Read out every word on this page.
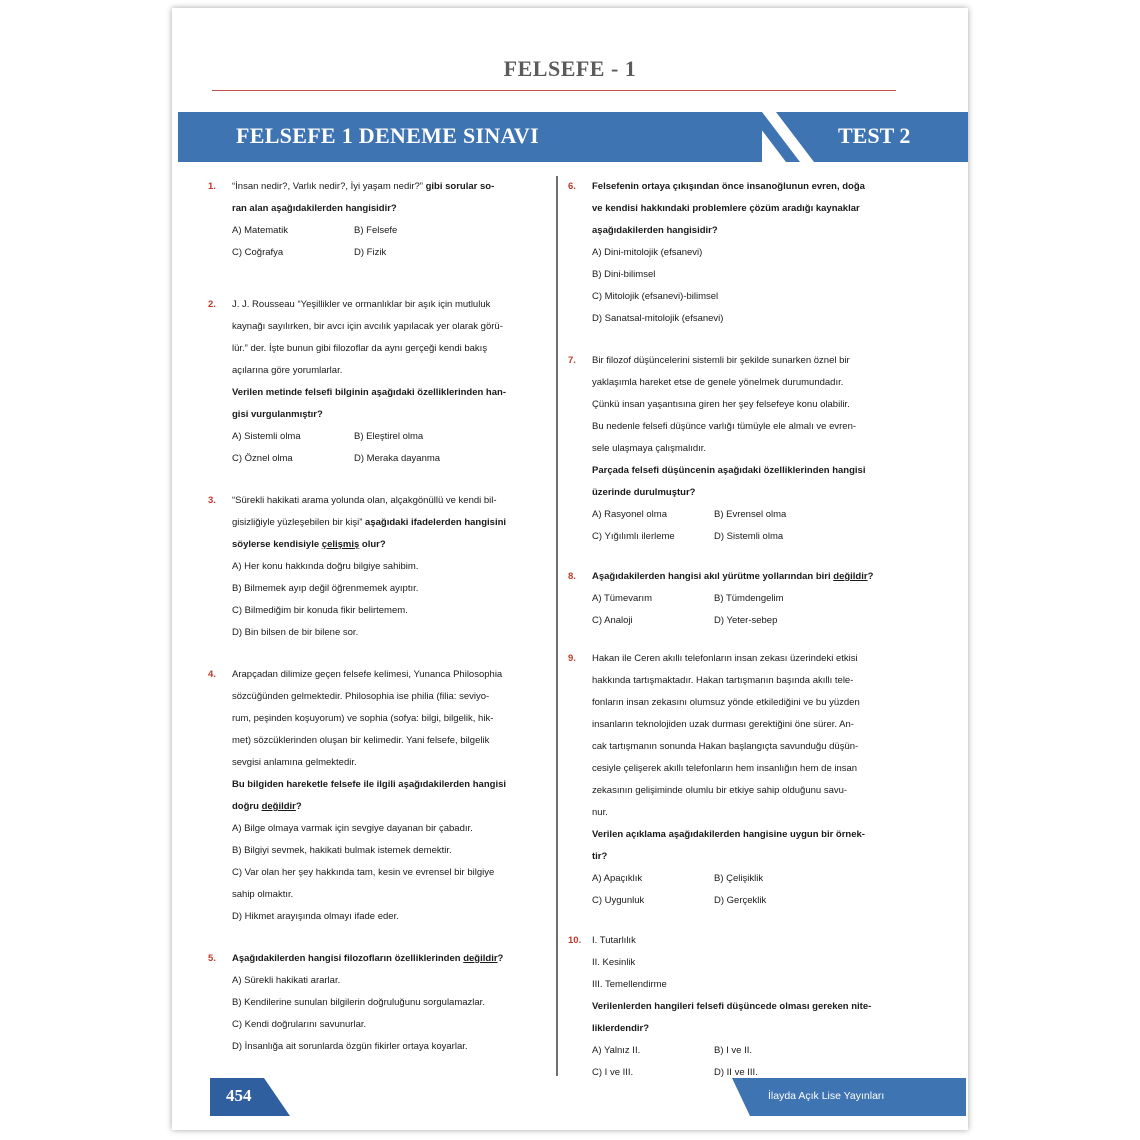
FELSEFE - 1
FELSEFE 1 DENEME SINAVI	TEST 2
1. “İnsan nedir?, Varlık nedir?, İyi yaşam nedir?” gibi sorular so-
ran alan aşağıdakilerden hangisidir?
A) Matematik	B) Felsefe
C) Coğrafya	D) Fizik
2. J. J. Rousseau “Yeşillikler ve ormanlıklar bir aşık için mutluluk
kaynağı sayılırken, bir avcı için avcılık yapılacak yer olarak görü-
lür.” der. İşte bunun gibi filozoflar da aynı gerçeği kendi bakış
açılarına göre yorumlarlar.
Verilen metinde felsefi bilginin aşağıdaki özelliklerinden han-
gisi vurgulanmıştır?
A) Sistemli olma	B) Eleştirel olma
C) Öznel olma	D) Merakа dayanma
3. “Sürekli hakikati arama yolunda olan, alçakgönüllü ve kendi bil-
gisizliğiyle yüzleşebilen bir kişi” aşağıdaki ifadelerden hangisini
söylerse kendisiyle çelişmiş olur?
A) Her konu hakkında doğru bilgiye sahibim.
B) Bilmemek ayıp değil öğrenmemek ayıptır.
C) Bilmediğim bir konuda fikir belirtemem.
D) Bin bilsen de bir bilene sor.
4. Arapçadan dilimize geçen felsefe kelimesi, Yunanca Philosophia
sözcüğünden gelmektedir. Philosophia ise philia (filia: seviyo-
rum, peşinden koşuyorum) ve sophia (sofya: bilgi, bilgelik, hik-
met) sözcüklerinden oluşan bir kelimedir. Yani felsefe, bilgelik
sevgisi anlamına gelmektedir.
Bu bilgiden hareketle felsefe ile ilgili aşağıdakilerden hangisi
doğru değildir?
A) Bilge olmaya varmak için sevgiye dayanan bir çabadır.
B) Bilgiyi sevmek, hakikati bulmak istemek demektir.
C) Var olan her şey hakkında tam, kesin ve evrensel bir bilgiye
sahip olmaktır.
D) Hikmet arayışında olmayı ifade eder.
5. Aşağıdakilerden hangisi filozofların özelliklerinden değildir?
A) Sürekli hakikati ararlar.
B) Kendilerine sunulan bilgilerin doğruluğunu sorgulamazlar.
C) Kendi doğrularını savunurlar.
D) İnsanlığa ait sorunlarda özgün fikirler ortaya koyarlar.
6. Felsefenin ortaya çıkışından önce insanoğlunun evren, doğa
ve kendisi hakkındaki problemlere çözüm aradığı kaynaklar
aşağıdakilerden hangisidir?
A) Dini-mitolojik (efsanevi)
B) Dini-bilimsel
C) Mitolojik (efsanevi)-bilimsel
D) Sanatsal-mitolojik (efsanevi)
7. Bir filozof düşüncelerini sistemli bir şekilde sunarken öznel bir
yaklaşımla hareket etse de genele yönelmek durumundadır.
Çünkü insan yaşantısına giren her şey felsefeye konu olabilir.
Bu nedenle felsefi düşünce varlığı tümüyle ele almalı ve evren-
sele ulaşmaya çalışmalıdır.
Parçada felsefi düşüncenin aşağıdaki özelliklerinden hangisi
üzerinde durulmuştur?
A) Rasyonel olma	B) Evrensel olma
C) Yığılımlı ilerleme	D) Sistemli olma
8. Aşağıdakilerden hangisi akıl yürütme yollarından biri değildir?
A) Tümevarım	B) Tümdengelim
C) Analoji	D) Yeter-sebep
9. Hakan ile Ceren akıllı telefonların insan zekası üzerindeki etkisi
hakkında tartışmaktadır. Hakan tartışmanın başında akıllı tele-
fonların insan zekasını olumsuz yönde etkilediğini ve bu yüzden
insanların teknolojiden uzak durması gerektiğini öne sürer. An-
cak tartışmanın sonunda Hakan başlangıçta savunduğu düşün-
cesiyle çelişerek akıllı telefonların hem insanlığın hem de insan
zekasının gelişiminde olumlu bir etkiye sahip olduğunu savu-
nur.
Verilen açıklama aşağıdakilerden hangisine uygun bir örnek-
tir?
A) Apaçıklık	B) Çelişiklik
C) Uygunluk	D) Gerçeklik
10. I. Tutarlılık
II. Kesinlik
III. Temellendirme
Verilenlerden hangileri felsefi düşüncede olması gereken nite-
liklerdendir?
A) Yalnız II.	B) I ve II.
C) I ve III.	D) II ve III.
454	İlayda Açık Lise Yayınları
